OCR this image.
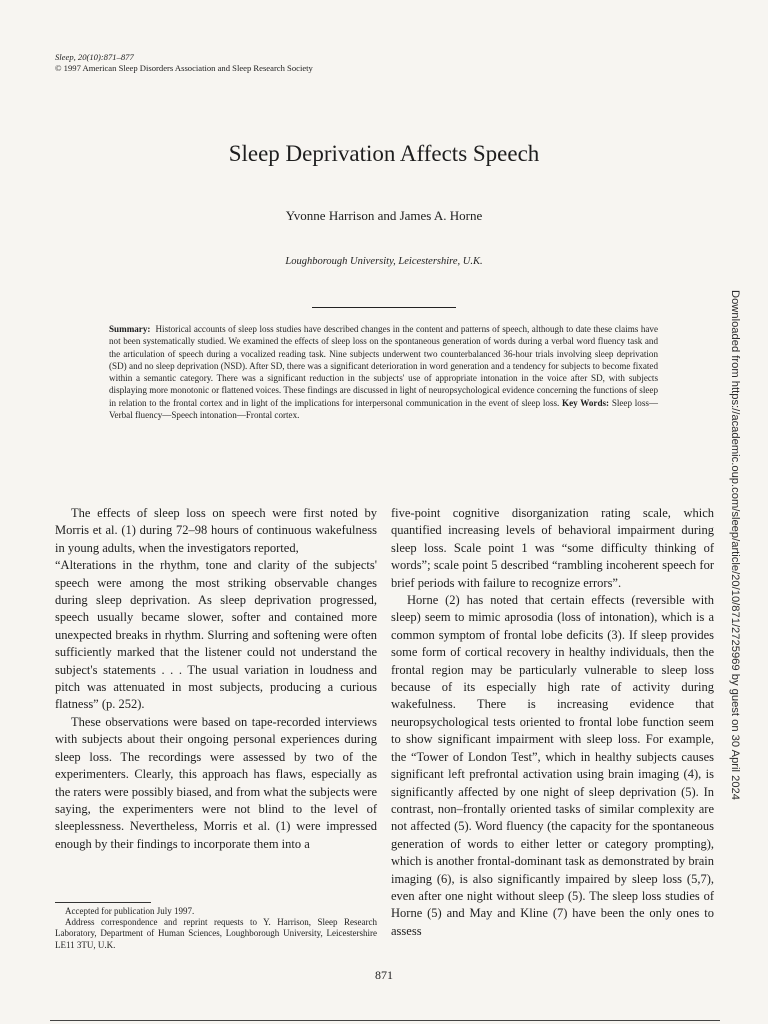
Sleep, 20(10):871–877
© 1997 American Sleep Disorders Association and Sleep Research Society
Sleep Deprivation Affects Speech
Yvonne Harrison and James A. Horne
Loughborough University, Leicestershire, U.K.
Summary: Historical accounts of sleep loss studies have described changes in the content and patterns of speech, although to date these claims have not been systematically studied. We examined the effects of sleep loss on the spontaneous generation of words during a verbal word fluency task and the articulation of speech during a vocalized reading task. Nine subjects underwent two counterbalanced 36-hour trials involving sleep deprivation (SD) and no sleep deprivation (NSD). After SD, there was a significant deterioration in word generation and a tendency for subjects to become fixated within a semantic category. There was a significant reduction in the subjects' use of appropriate intonation in the voice after SD, with subjects displaying more monotonic or flattened voices. These findings are discussed in light of neuropsychological evidence concerning the functions of sleep in relation to the frontal cortex and in light of the implications for interpersonal communication in the event of sleep loss. Key Words: Sleep loss—Verbal fluency—Speech intonation—Frontal cortex.

The effects of sleep loss on speech were first noted by Morris et al. (1) during 72–98 hours of continuous wakefulness in young adults, when the investigators reported,

“Alterations in the rhythm, tone and clarity of the subjects' speech were among the most striking observable changes during sleep deprivation. As sleep deprivation progressed, speech usually became slower, softer and contained more unexpected breaks in rhythm. Slurring and softening were often sufficiently marked that the listener could not understand the subject's statements . . . The usual variation in loudness and pitch was attenuated in most subjects, producing a curious flatness” (p. 252).

These observations were based on tape-recorded interviews with subjects about their ongoing personal experiences during sleep loss. The recordings were assessed by two of the experimenters. Clearly, this approach has flaws, especially as the raters were possibly biased, and from what the subjects were saying, the experimenters were not blind to the level of sleeplessness. Nevertheless, Morris et al. (1) were impressed enough by their findings to incorporate them into a

five-point cognitive disorganization rating scale, which quantified increasing levels of behavioral impairment during sleep loss. Scale point 1 was “some difficulty thinking of words”; scale point 5 described “rambling incoherent speech for brief periods with failure to recognize errors”.

Horne (2) has noted that certain effects (reversible with sleep) seem to mimic aprosodia (loss of intonation), which is a common symptom of frontal lobe deficits (3). If sleep provides some form of cortical recovery in healthy individuals, then the frontal region may be particularly vulnerable to sleep loss because of its especially high rate of activity during wakefulness. There is increasing evidence that neuropsychological tests oriented to frontal lobe function seem to show significant impairment with sleep loss. For example, the “Tower of London Test”, which in healthy subjects causes significant left prefrontal activation using brain imaging (4), is significantly affected by one night of sleep deprivation (5). In contrast, non–frontally oriented tasks of similar complexity are not affected (5). Word fluency (the capacity for the spontaneous generation of words to either letter or category prompting), which is another frontal-dominant task as demonstrated by brain imaging (6), is also significantly impaired by sleep loss (5,7), even after one night without sleep (5). The sleep loss studies of Horne (5) and May and Kline (7) have been the only ones to assess

Accepted for publication July 1997.

Address correspondence and reprint requests to Y. Harrison, Sleep Research Laboratory, Department of Human Sciences, Loughborough University, Leicestershire LE11 3TU, U.K.

871
Downloaded from https://academic.oup.com/sleep/article/20/10/871/2725969 by guest on 30 April 2024
